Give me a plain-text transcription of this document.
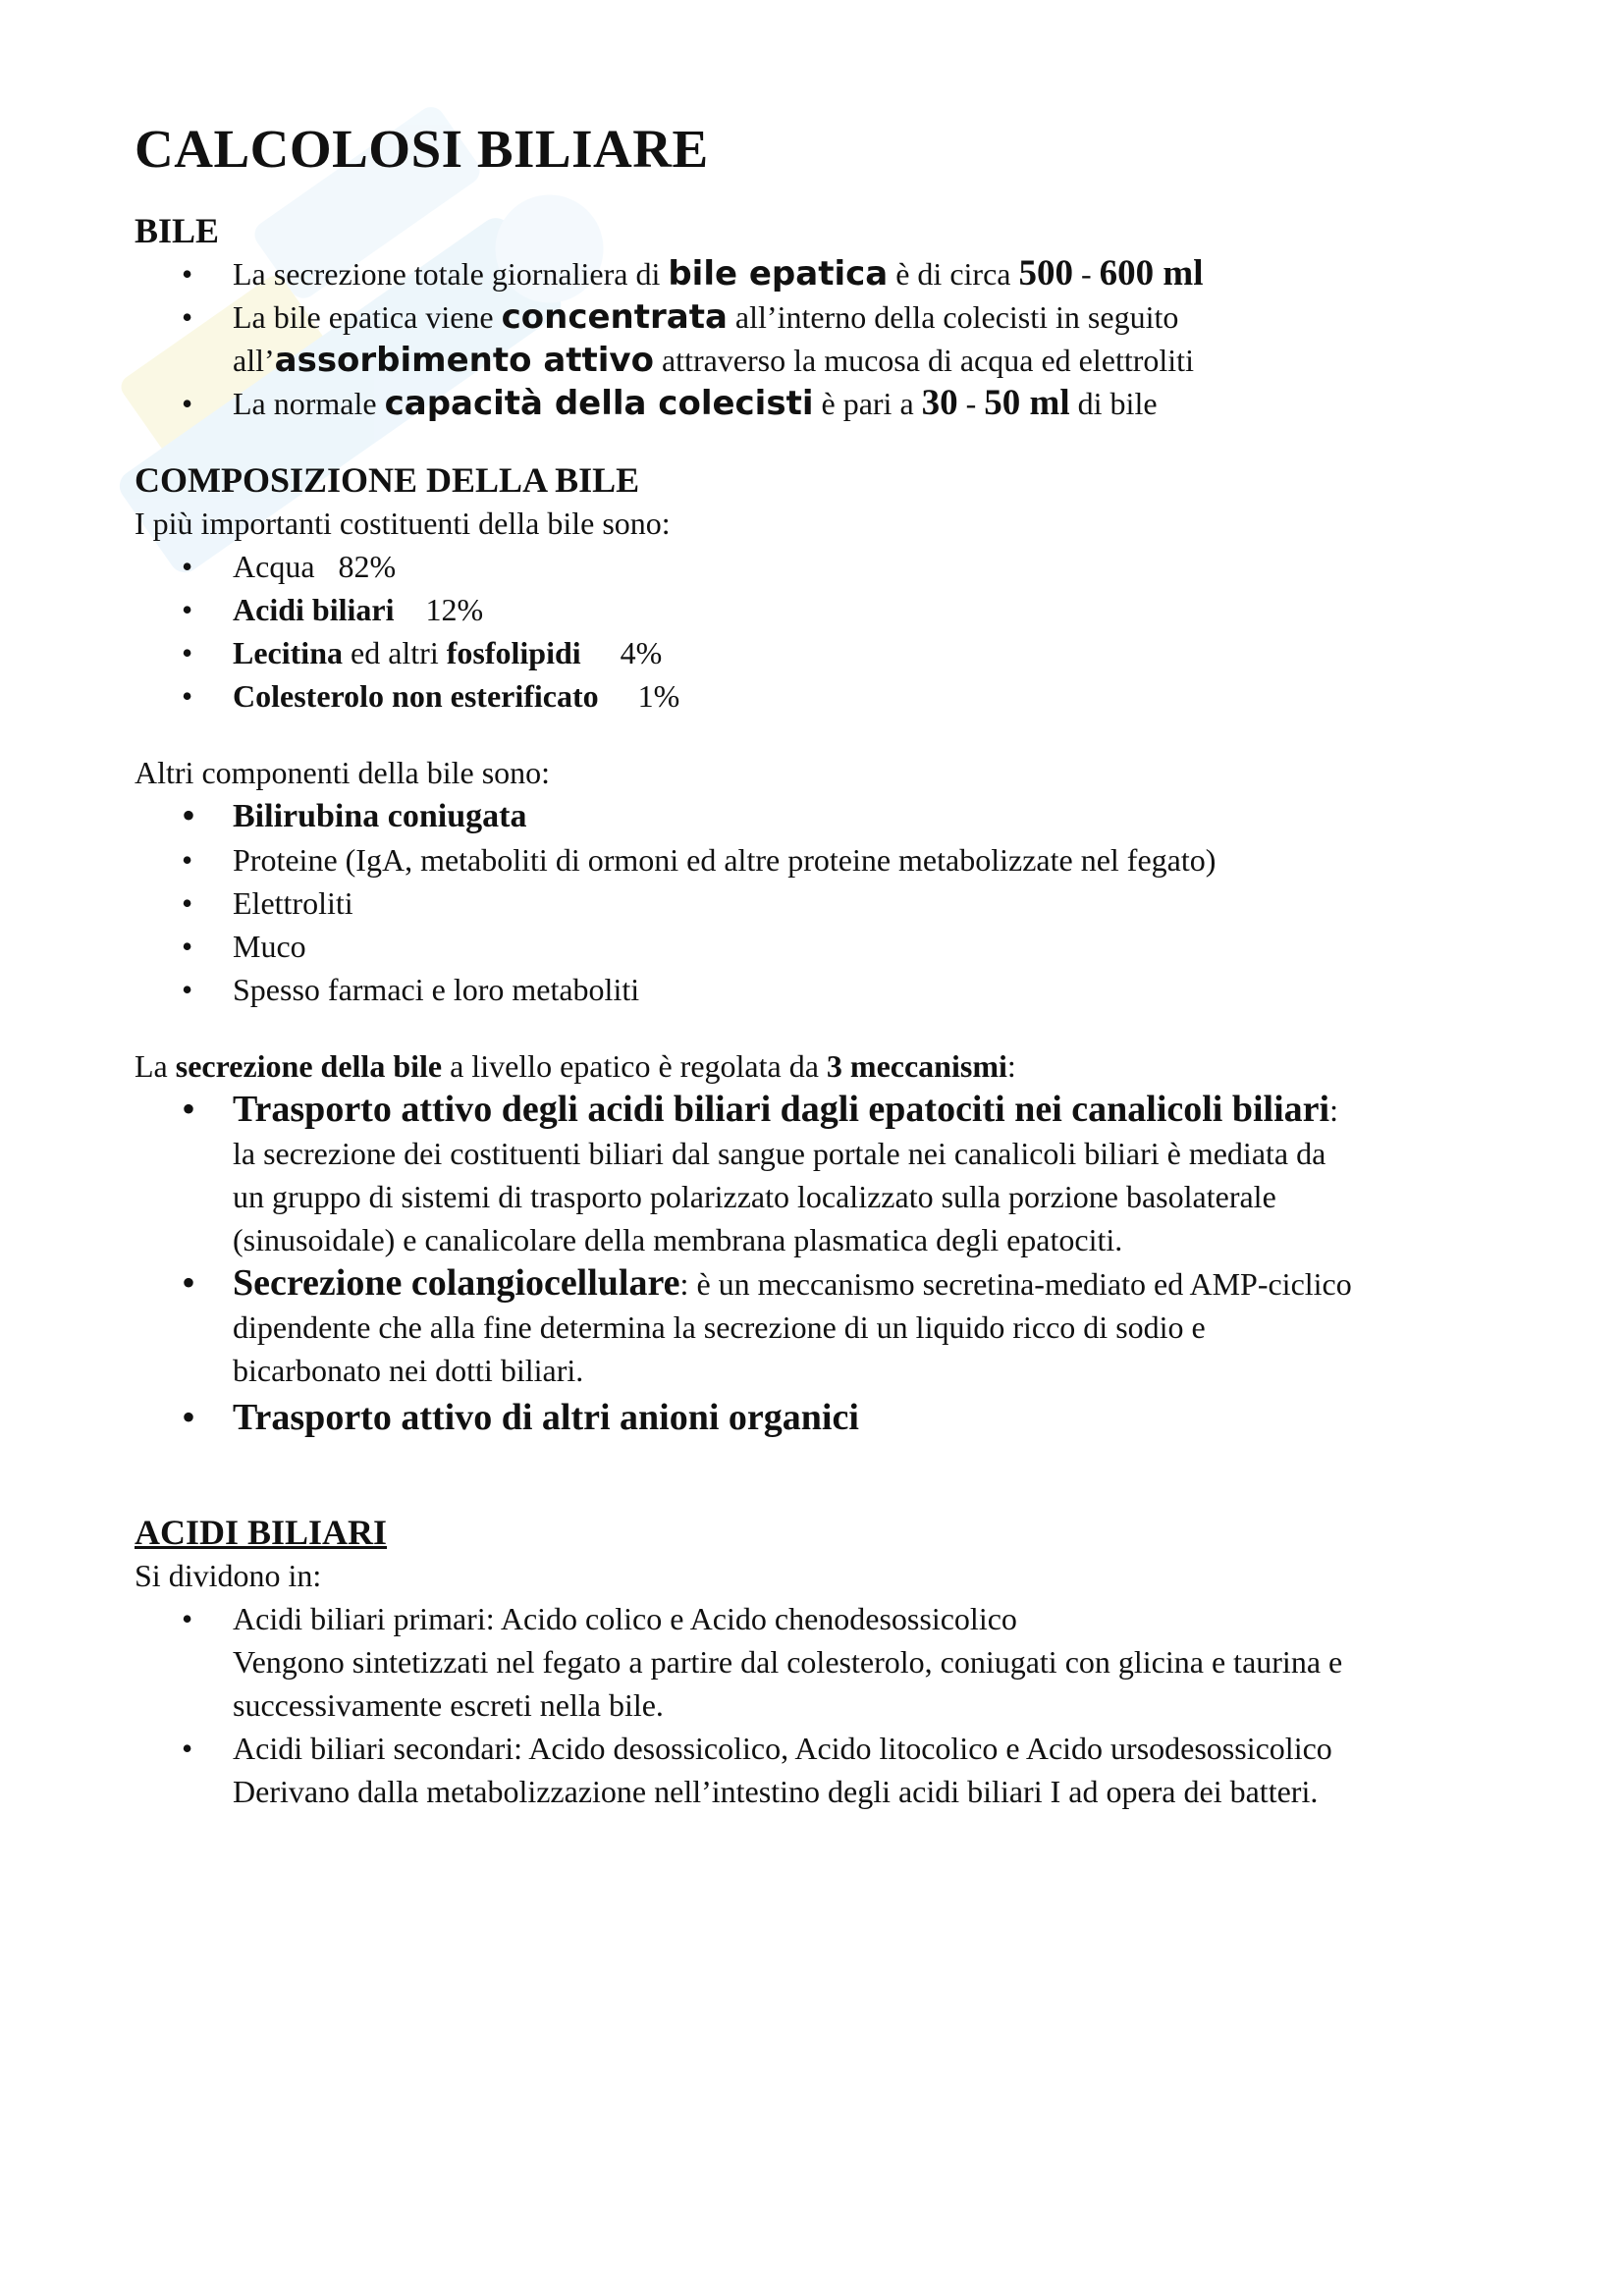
CALCOLOSI BILIARE
BILE
• La secrezione totale giornaliera di bile epatica è di circa 500 - 600 ml
• La bile epatica viene concentrata all’interno della colecisti in seguito
all’assorbimento attivo attraverso la mucosa di acqua ed elettroliti
• La normale capacità della colecisti è pari a 30 - 50 ml di bile
COMPOSIZIONE DELLA BILE

I più importanti costituenti della bile sono:

• Acqua   82%
• Acidi biliari    12%
• Lecitina ed altri fosfolipidi     4%
• Colesterolo non esterificato     1%

Altri componenti della bile sono:

• Bilirubina coniugata
• Proteine (IgA, metaboliti di ormoni ed altre proteine metabolizzate nel fegato)
• Elettroliti
• Muco
• Spesso farmaci e loro metaboliti

La secrezione della bile a livello epatico è regolata da 3 meccanismi:

• Trasporto attivo degli acidi biliari dagli epatociti nei canalicoli biliari:
la secrezione dei costituenti biliari dal sangue portale nei canalicoli biliari è mediata da
un gruppo di sistemi di trasporto polarizzato localizzato sulla porzione basolaterale
(sinusoidale) e canalicolare della membrana plasmatica degli epatociti.
• Secrezione colangiocellulare: è un meccanismo secretina-mediato ed AMP-ciclico
dipendente che alla fine determina la secrezione di un liquido ricco di sodio e
bicarbonato nei dotti biliari.
• Trasporto attivo di altri anioni organici
ACIDI BILIARI

Si dividono in:

• Acidi biliari primari: Acido colico e Acido chenodesossicolico
Vengono sintetizzati nel fegato a partire dal colesterolo, coniugati con glicina e taurina e
successivamente escreti nella bile.
• Acidi biliari secondari: Acido desossicolico, Acido litocolico e Acido ursodesossicolico
Derivano dalla metabolizzazione nell’intestino degli acidi biliari I ad opera dei batteri.
